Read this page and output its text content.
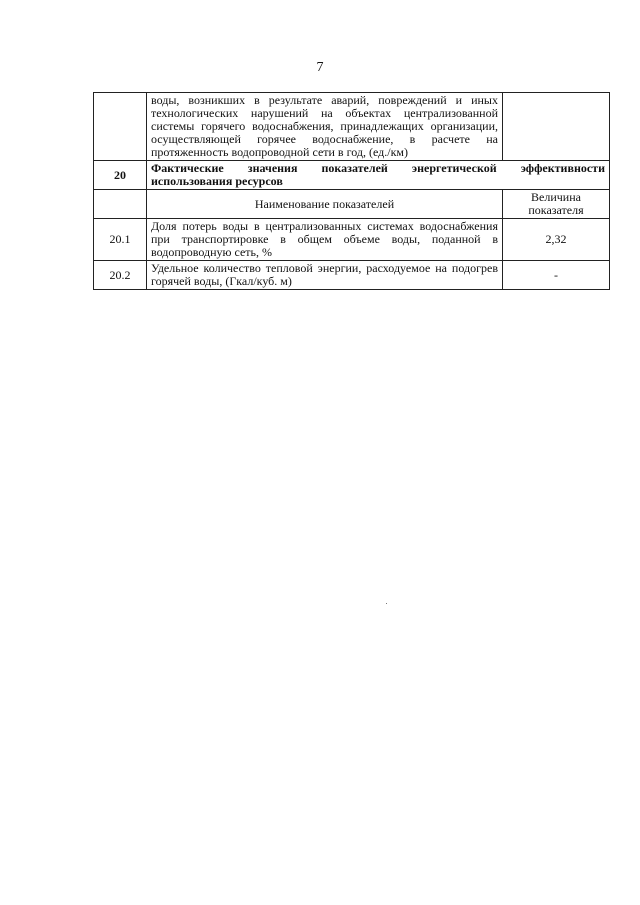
7
	воды, возникших в результате аварий, повреждений и иных технологических нарушений на объектах централизованной системы горячего водоснабжения, принадлежащих организации, осуществляющей горячее водоснабжение, в расчете на протяженность водопроводной сети в год, (ед./км)	
20	Фактические значения показателей энергетической эффективности использования ресурсов	
	Наименование показателей	Величина показателя
20.1	Доля потерь воды в централизованных системах водоснабжения при транспортировке в общем объеме воды, поданной в водопроводную сеть, %	2,32
20.2	Удельное количество тепловой энергии, расходуемое на подогрев горячей воды, (Гкал/куб. м)	-
